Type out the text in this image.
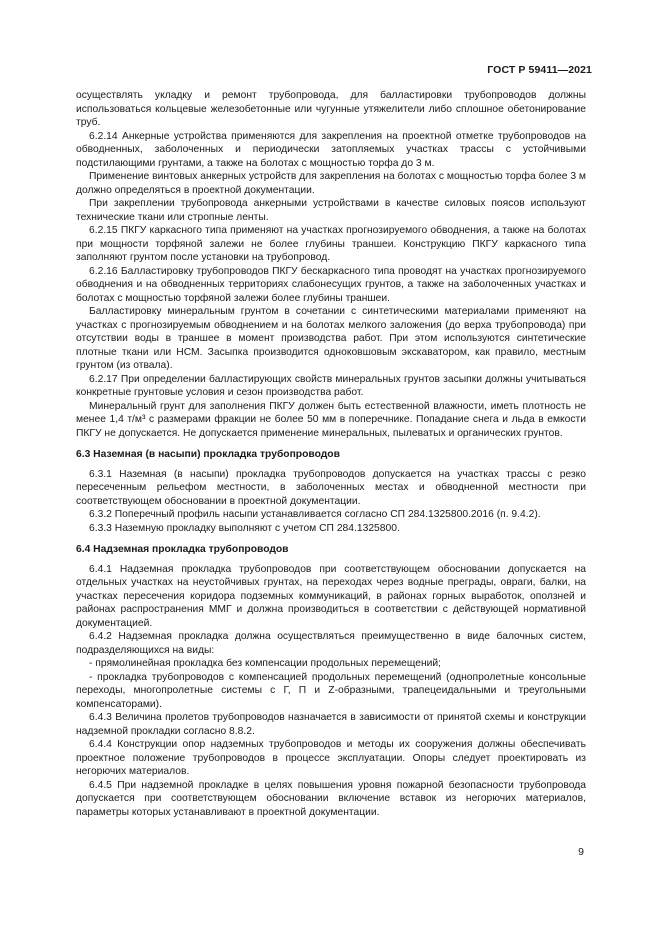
ГОСТ Р 59411—2021

осуществлять укладку и ремонт трубопровода, для балластировки трубопроводов должны использоваться кольцевые железобетонные или чугунные утяжелители либо сплошное обетонирование труб.

6.2.14 Анкерные устройства применяются для закрепления на проектной отметке трубопроводов на обводненных, заболоченных и периодически затопляемых участках трассы с устойчивыми подстилающими грунтами, а также на болотах с мощностью торфа до 3 м.

Применение винтовых анкерных устройств для закрепления на болотах с мощностью торфа более 3 м должно определяться в проектной документации.

При закреплении трубопровода анкерными устройствами в качестве силовых поясов используют технические ткани или стропные ленты.

6.2.15 ПКГУ каркасного типа применяют на участках прогнозируемого обводнения, а также на болотах при мощности торфяной залежи не более глубины траншеи. Конструкцию ПКГУ каркасного типа заполняют грунтом после установки на трубопровод.

6.2.16 Балластировку трубопроводов ПКГУ бескаркасного типа проводят на участках прогнозируемого обводнения и на обводненных территориях слабонесущих грунтов, а также на заболоченных участках и болотах с мощностью торфяной залежи более глубины траншеи.

Балластировку минеральным грунтом в сочетании с синтетическими материалами применяют на участках с прогнозируемым обводнением и на болотах мелкого заложения (до верха трубопровода) при отсутствии воды в траншее в момент производства работ. При этом используются синтетические плотные ткани или НСМ. Засыпка производится одноковшовым экскаватором, как правило, местным грунтом (из отвала).

6.2.17 При определении балластирующих свойств минеральных грунтов засыпки должны учитываться конкретные грунтовые условия и сезон производства работ.

Минеральный грунт для заполнения ПКГУ должен быть естественной влажности, иметь плотность не менее 1,4 т/м³ с размерами фракции не более 50 мм в поперечнике. Попадание снега и льда в емкости ПКГУ не допускается. Не допускается применение минеральных, пылеватых и органических грунтов.

6.3 Наземная (в насыпи) прокладка трубопроводов

6.3.1 Наземная (в насыпи) прокладка трубопроводов допускается на участках трассы с резко пересеченным рельефом местности, в заболоченных местах и обводненной местности при соответствующем обосновании в проектной документации.

6.3.2 Поперечный профиль насыпи устанавливается согласно СП 284.1325800.2016 (п. 9.4.2).

6.3.3 Наземную прокладку выполняют с учетом СП 284.1325800.

6.4 Надземная прокладка трубопроводов

6.4.1 Надземная прокладка трубопроводов при соответствующем обосновании допускается на отдельных участках на неустойчивых грунтах, на переходах через водные преграды, овраги, балки, на участках пересечения коридора подземных коммуникаций, в районах горных выработок, оползней и районах распространения ММГ и должна производиться в соответствии с действующей нормативной документацией.

6.4.2 Надземная прокладка должна осуществляться преимущественно в виде балочных систем, подразделяющихся на виды:

- прямолинейная прокладка без компенсации продольных перемещений;

- прокладка трубопроводов с компенсацией продольных перемещений (однопролетные консольные переходы, многопролетные системы с Г, П и Z-образными, трапецеидальными и треугольными компенсаторами).

6.4.3 Величина пролетов трубопроводов назначается в зависимости от принятой схемы и конструкции надземной прокладки согласно 8.8.2.

6.4.4 Конструкции опор надземных трубопроводов и методы их сооружения должны обеспечивать проектное положение трубопроводов в процессе эксплуатации. Опоры следует проектировать из негорючих материалов.

6.4.5 При надземной прокладке в целях повышения уровня пожарной безопасности трубопровода допускается при соответствующем обосновании включение вставок из негорючих материалов, параметры которых устанавливают в проектной документации.

9
